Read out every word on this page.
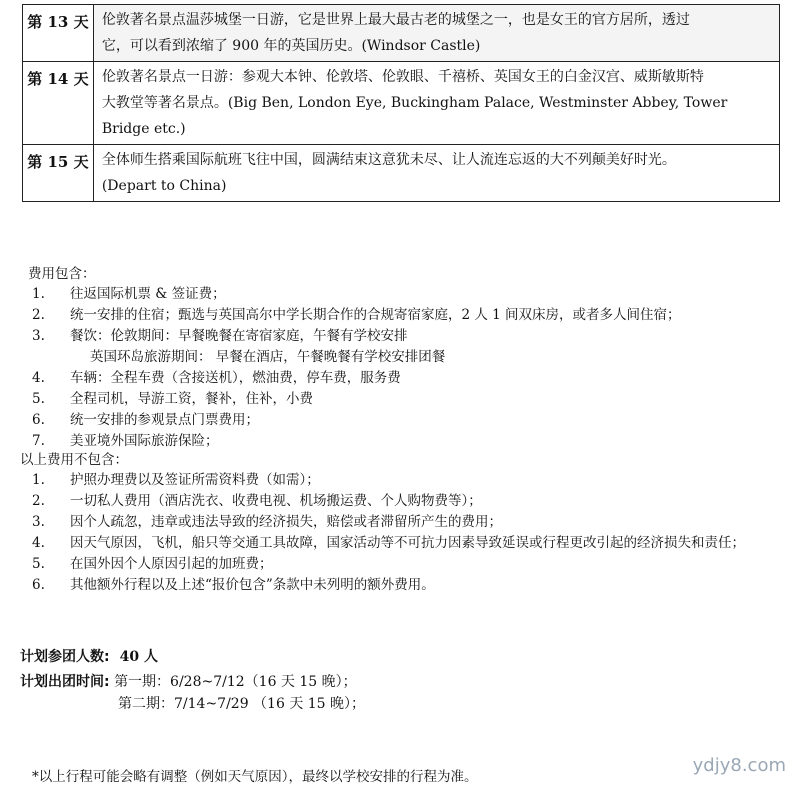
第 13 天	伦敦著名景点温莎城堡一日游，它是世界上最大最古老的城堡之一，也是女王的官方居所，透过
它，可以看到浓缩了 900 年的英国历史。(Windsor Castle)

第 14 天	伦敦著名景点一日游：参观大本钟、伦敦塔、伦敦眼、千禧桥、英国女王的白金汉宫、威斯敏斯特
大教堂等著名景点。(Big Ben, London Eye, Buckingham Palace, Westminster Abbey, Tower Bridge etc.)

第 15 天	全体师生搭乘国际航班飞往中国，圆满结束这意犹未尽、让人流连忘返的大不列颠美好时光。
(Depart to China)
费用包含：
1. 往返国际机票 & 签证费；
2. 统一安排的住宿；甄选与英国高尔中学长期合作的合规寄宿家庭，2 人 1 间双床房，或者多人间住宿；
3. 餐饮：伦敦期间：早餐晚餐在寄宿家庭，午餐有学校安排
英国环岛旅游期间： 早餐在酒店，午餐晚餐有学校安排团餐
4. 车辆：全程车费（含接送机），燃油费，停车费，服务费
5. 全程司机，导游工资，餐补，住补，小费
6. 统一安排的参观景点门票费用；
7. 美亚境外国际旅游保险；
以上费用不包含：
1. 护照办理费以及签证所需资料费（如需）；
2. 一切私人费用（酒店洗衣、收费电视、机场搬运费、个人购物费等）；
3. 因个人疏忽，违章或违法导致的经济损失，赔偿或者滞留所产生的费用；
4. 因天气原因，飞机，船只等交通工具故障，国家活动等不可抗力因素导致延误或行程更改引起的经济损失和责任；
5. 在国外因个人原因引起的加班费；
6. 其他额外行程以及上述“报价包含”条款中未列明的额外费用。
计划参团人数: 40 人
计划出团时间: 第一期：6/28~7/12（16 天 15 晚）；
第二期：7/14~7/29 （16 天 15 晚）；
*以上行程可能会略有调整（例如天气原因），最终以学校安排的行程为准。
ydjy8.com
